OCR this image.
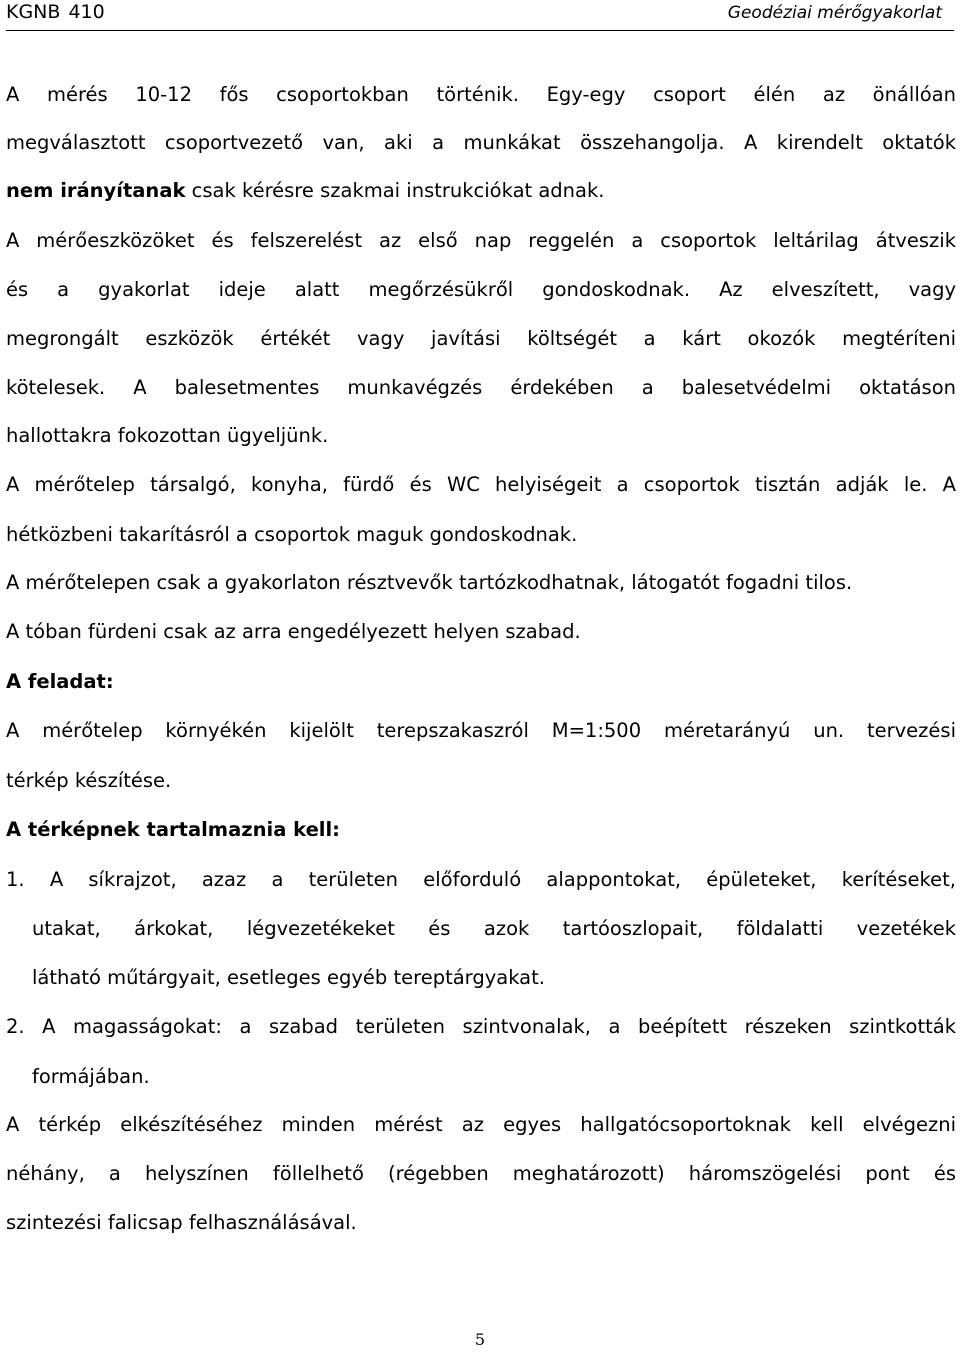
KGNB 410	Geodéziai mérőgyakorlat
A mérés 10-12 fős csoportokban történik. Egy-egy csoport élén az önállóan
megválasztott csoportvezető van, aki a munkákat összehangolja. A kirendelt oktatók
nem irányítanak csak kérésre szakmai instrukciókat adnak.
A mérőeszközöket és felszerelést az első nap reggelén a csoportok leltárilag átveszik
és a gyakorlat ideje alatt megőrzésükről gondoskodnak. Az elveszített, vagy
megrongált eszközök értékét vagy javítási költségét a kárt okozók megtéríteni
kötelesek. A balesetmentes munkavégzés érdekében a balesetvédelmi oktatáson
hallottakra fokozottan ügyeljünk.
A mérőtelep társalgó, konyha, fürdő és WC helyiségeit a csoportok tisztán adják le. A
hétközbeni takarításról a csoportok maguk gondoskodnak.
A mérőtelepen csak a gyakorlaton résztvevők tartózkodhatnak, látogatót fogadni tilos.
A tóban fürdeni csak az arra engedélyezett helyen szabad.
A feladat:
A mérőtelep környékén kijelölt terepszakaszról M=1:500 méretarányú un. tervezési
térkép készítése.
A térképnek tartalmaznia kell:
1. A síkrajzot, azaz a területen előforduló alappontokat, épületeket, kerítéseket,
utakat, árkokat, légvezetékeket és azok tartóoszlopait, földalatti vezetékek
látható műtárgyait, esetleges egyéb tereptárgyakat.
2. A magasságokat: a szabad területen szintvonalak, a beépített részeken szintkották
formájában.
A térkép elkészítéséhez minden mérést az egyes hallgatócsoportoknak kell elvégezni
néhány, a helyszínen föllelhető (régebben meghatározott) háromszögelési pont és
szintezési falicsap felhasználásával.
5
